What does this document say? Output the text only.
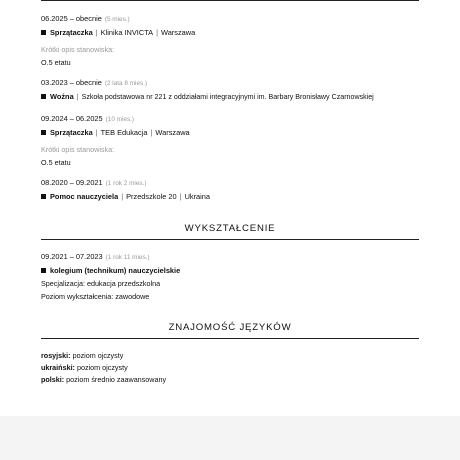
06.2025 – obecnie (5 mies.)
Sprzątaczka | Klinika INVICTA | Warszawa
Krótki opis stanowiska:
O.5 etatu
03.2023 – obecnie (2 lata 8 mies.)
Woźna | Szkoła podstawowa nr 221 z oddziałami integracyjnymi im. Barbary Bronisławy Czarnowskiej
09.2024 – 06.2025 (10 mies.)
Sprzątaczka | TEB Edukacja | Warszawa
Krótki opis stanowiska:
O.5 etatu
08.2020 – 09.2021 (1 rok 2 mies.)
Pomoc nauczyciela | Przedszkole 20 | Ukraina
WYKSZTAŁCENIE
09.2021 – 07.2023 (1 rok 11 mies.)
kolegium (technikum) nauczycielskie
Specjalizacja: edukacja przedszkolna
Poziom wykształcenia: zawodowe
ZNAJOMOŚĆ JĘZYKÓW
rosyjski: poziom ojczysty
ukraiński: poziom ojczysty
polski: poziom średnio zaawansowany
